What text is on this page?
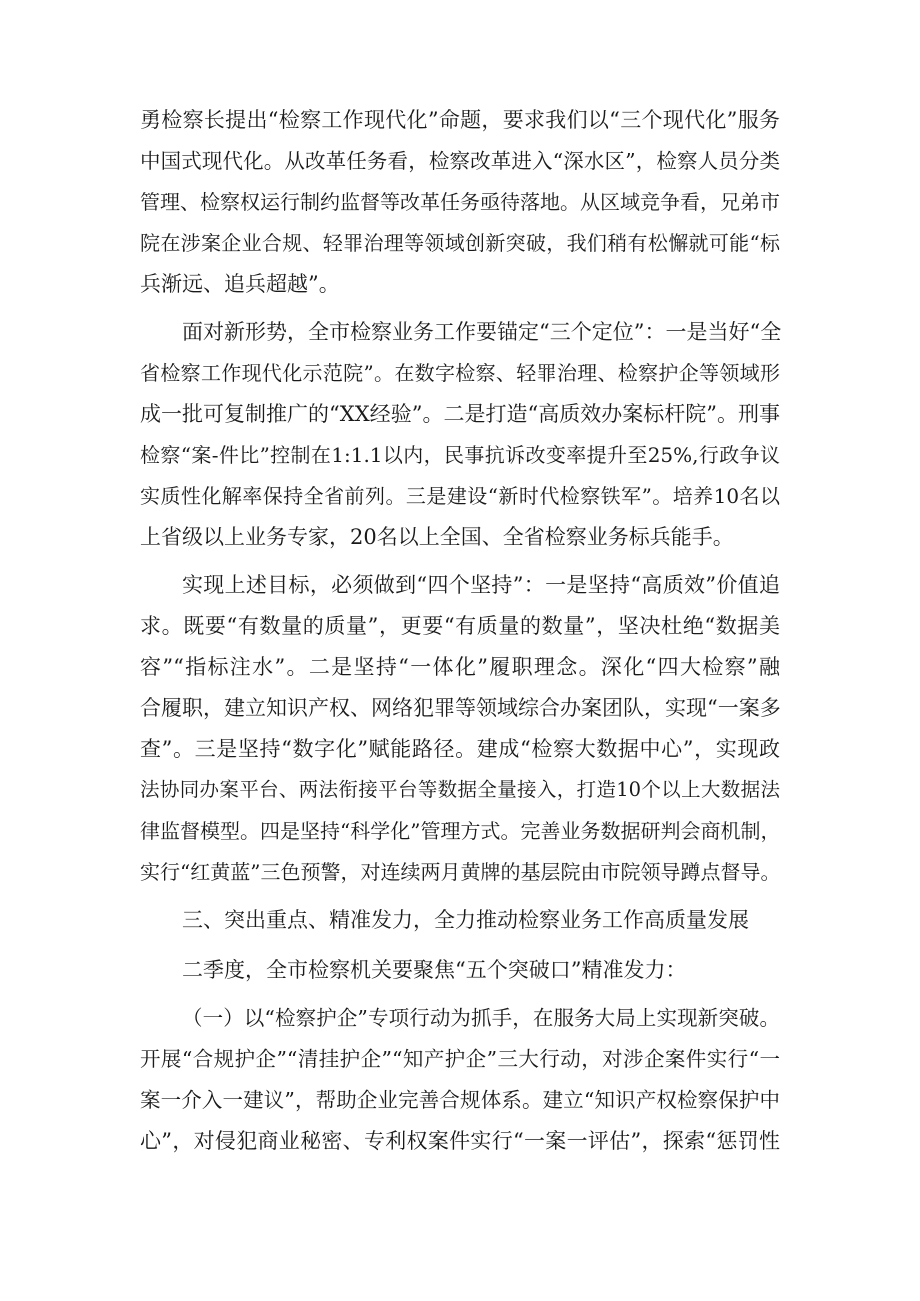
勇检察长提出“检察工作现代化”命题，要求我们以“三个现代化”服务
中国式现代化。从改革任务看，检察改革进入“深水区”，检察人员分类
管理、检察权运行制约监督等改革任务亟待落地。从区域竞争看，兄弟市
院在涉案企业合规、轻罪治理等领域创新突破，我们稍有松懈就可能“标
兵渐远、追兵超越”。
面对新形势，全市检察业务工作要锚定“三个定位”：一是当好“全
省检察工作现代化示范院”。在数字检察、轻罪治理、检察护企等领域形
成一批可复制推广的“XX经验”。二是打造“高质效办案标杆院”。刑事
检察“案-件比”控制在1:1.1以内，民事抗诉改变率提升至25%,行政争议
实质性化解率保持全省前列。三是建设“新时代检察铁军”。培养10名以
上省级以上业务专家，20名以上全国、全省检察业务标兵能手。
实现上述目标，必须做到“四个坚持”：一是坚持“高质效”价值追
求。既要“有数量的质量”，更要“有质量的数量”，坚决杜绝“数据美
容”“指标注水”。二是坚持“一体化”履职理念。深化“四大检察”融
合履职，建立知识产权、网络犯罪等领域综合办案团队，实现“一案多
查”。三是坚持“数字化”赋能路径。建成“检察大数据中心”，实现政
法协同办案平台、两法衔接平台等数据全量接入，打造10个以上大数据法
律监督模型。四是坚持“科学化”管理方式。完善业务数据研判会商机制，
实行“红黄蓝”三色预警，对连续两月黄牌的基层院由市院领导蹲点督导。
三、突出重点、精准发力，全力推动检察业务工作高质量发展
二季度，全市检察机关要聚焦“五个突破口”精准发力：
（一）以“检察护企”专项行动为抓手，在服务大局上实现新突破。
开展“合规护企”“清挂护企”“知产护企”三大行动，对涉企案件实行“一
案一介入一建议”，帮助企业完善合规体系。建立“知识产权检察保护中
心”，对侵犯商业秘密、专利权案件实行“一案一评估”，探索“惩罚性
